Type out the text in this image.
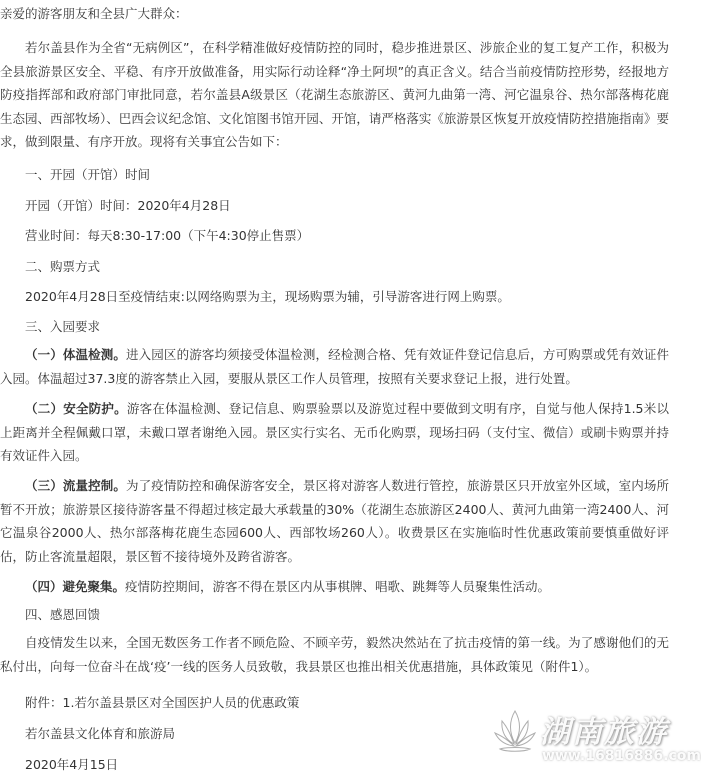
亲爱的游客朋友和全县广大群众：
若尔盖县作为全省“无病例区”，在科学精准做好疫情防控的同时，稳步推进景区、涉旅企业的复工复产工作，积极为全县旅游景区安全、平稳、有序开放做准备，用实际行动诠释“净土阿坝”的真正含义。结合当前疫情防控形势，经报地方防疫指挥部和政府部门审批同意，若尔盖县A级景区（花湖生态旅游区、黄河九曲第一湾、河它温泉谷、热尔部落梅花鹿生态园、西部牧场）、巴西会议纪念馆、文化馆图书馆开园、开馆，请严格落实《旅游景区恢复开放疫情防控措施指南》要求，做到限量、有序开放。现将有关事宜公告如下：
一、开园（开馆）时间
开园（开馆）时间：2020年4月28日
营业时间：每天8:30-17:00（下午4:30停止售票）
二、购票方式
2020年4月28日至疫情结束:以网络购票为主，现场购票为辅，引导游客进行网上购票。
三、入园要求
（一）体温检测。进入园区的游客均须接受体温检测，经检测合格、凭有效证件登记信息后，方可购票或凭有效证件入园。体温超过37.3度的游客禁止入园，要服从景区工作人员管理，按照有关要求登记上报，进行处置。
（二）安全防护。游客在体温检测、登记信息、购票验票以及游览过程中要做到文明有序，自觉与他人保持1.5米以上距离并全程佩戴口罩，未戴口罩者谢绝入园。景区实行实名、无币化购票，现场扫码（支付宝、微信）或刷卡购票并持有效证件入园。
（三）流量控制。为了疫情防控和确保游客安全，景区将对游客人数进行管控，旅游景区只开放室外区域，室内场所暂不开放；旅游景区接待游客量不得超过核定最大承载量的30%（花湖生态旅游区2400人、黄河九曲第一湾2400人、河它温泉谷2000人、热尔部落梅花鹿生态园600人、西部牧场260人）。收费景区在实施临时性优惠政策前要慎重做好评估，防止客流量超限，景区暂不接待境外及跨省游客。
（四）避免聚集。疫情防控期间，游客不得在景区内从事棋牌、唱歌、跳舞等人员聚集性活动。
四、感恩回馈
自疫情发生以来，全国无数医务工作者不顾危险、不顾辛劳，毅然决然站在了抗击疫情的第一线。为了感谢他们的无私付出，向每一位奋斗在战‘疫’一线的医务人员致敬，我县景区也推出相关优惠措施，具体政策见（附件1）。
附件：1.若尔盖县景区对全国医护人员的优惠政策
若尔盖县文化体育和旅游局
2020年4月15日
湖南旅游
www.16816886.com
